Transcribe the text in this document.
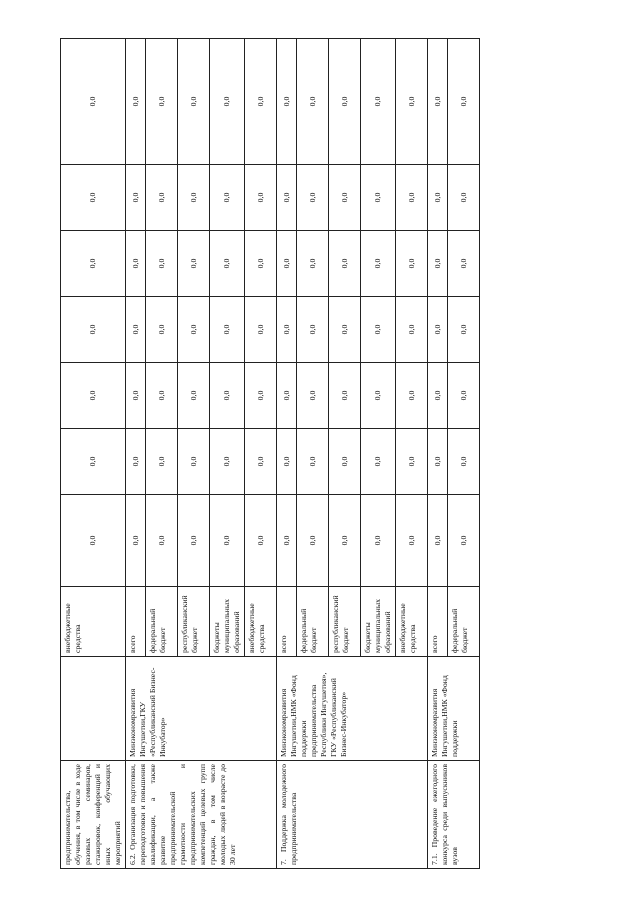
предпринимательства, обучения, в том числе в ходе разовых семинаров, стажировок, конференций и иных обучающих мероприятий		внебюджетные средства	0,0	0,0	0,0	0,0	0,0	0,0	0,0
6.2. Организация подготовки, переподготовки и повышения квалификации, а также развитие предпринимательской грамотности и предпринимательских компетенций целевых групп граждан, в том числе молодых людей в возрасте до 30 лет	Минэкономразвития Ингушетии,ГКУ «Республиканский Бизнес-Инкубатор»	всего	0,0	0,0	0,0	0,0	0,0	0,0	0,0
		федеральный бюджет	0,0	0,0	0,0	0,0	0,0	0,0	0,0
		республиканский бюджет	0,0	0,0	0,0	0,0	0,0	0,0	0,0
		бюджеты муниципальных образований	0,0	0,0	0,0	0,0	0,0	0,0	0,0
		внебюджетные средства	0,0	0,0	0,0	0,0	0,0	0,0	0,0
7. Поддержка молодежного предпринимательства	Минэкономразвития Ингушетии,НМК «Фонд поддержки предпринимательства Республики Ингушетия», ГКУ «Республиканский Бизнес-Инкубатор»	всего	0,0	0,0	0,0	0,0	0,0	0,0	0,0
		федеральный бюджет	0,0	0,0	0,0	0,0	0,0	0,0	0,0
		республиканский бюджет	0,0	0,0	0,0	0,0	0,0	0,0	0,0
		бюджеты муниципальных образований	0,0	0,0	0,0	0,0	0,0	0,0	0,0
		внебюджетные средства	0,0	0,0	0,0	0,0	0,0	0,0	0,0
7.1. Проведение ежегодного конкурса среди выпускников вузов	Минэкономразвития Ингушетии,НМК «Фонд поддержки	всего	0,0	0,0	0,0	0,0	0,0	0,0	0,0
		федеральный бюджет	0,0	0,0	0,0	0,0	0,0	0,0	0,0
